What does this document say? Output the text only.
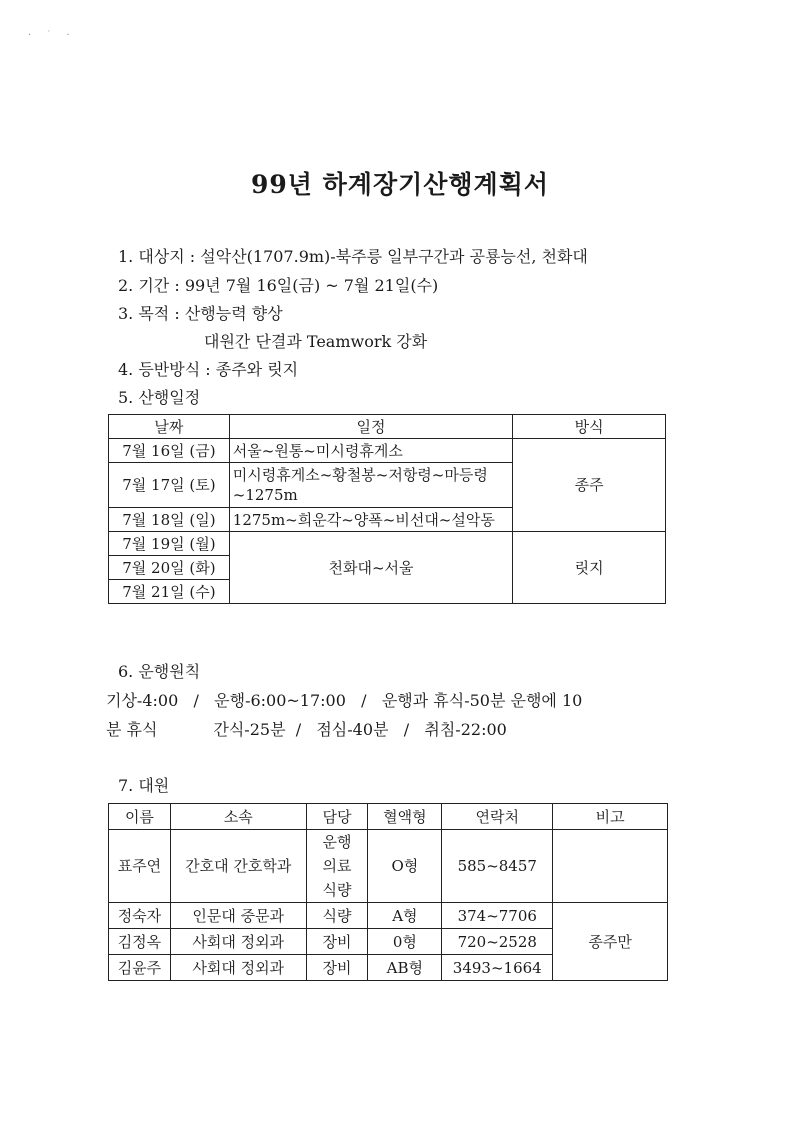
· ˙ ·
99년 하계장기산행계획서
1. 대상지 : 설악산(1707.9m)-북주릉 일부구간과 공룡능선, 천화대
2. 기간 : 99년 7월 16일(금) ~ 7월 21일(수)
3. 목적 : 산행능력 향상
대원간 단결과 Teamwork 강화
4. 등반방식 : 종주와 릿지
5. 산행일정
날짜	일정	방식
7월 16일 (금)	서울~원통~미시령휴게소	종주
7월 17일 (토)	미시령휴게소~황철봉~저항령~마등령~1275m	
7월 18일 (일)	1275m~희운각~양폭~비선대~설악동	
7월 19일 (월)	천화대~서울	릿지
7월 20일 (화)		
7월 21일 (수)		
6. 운행원칙
기상-4:00   /   운행-6:00~17:00   /   운행과 휴식-50분 운행에 10
분 휴식           간식-25분  /   점심-40분   /   취침-22:00
7. 대원
이름	소속	담당	혈액형	연락처	비고
표주연	간호대 간호학과	운행
의료
식량	O형	585~8457	
정숙자	인문대 중문과	식량	A형	374~7706	종주만
김정옥	사회대 정외과	장비	0형	720~2528	
김윤주	사회대 정외과	장비	AB형	3493~1664	
